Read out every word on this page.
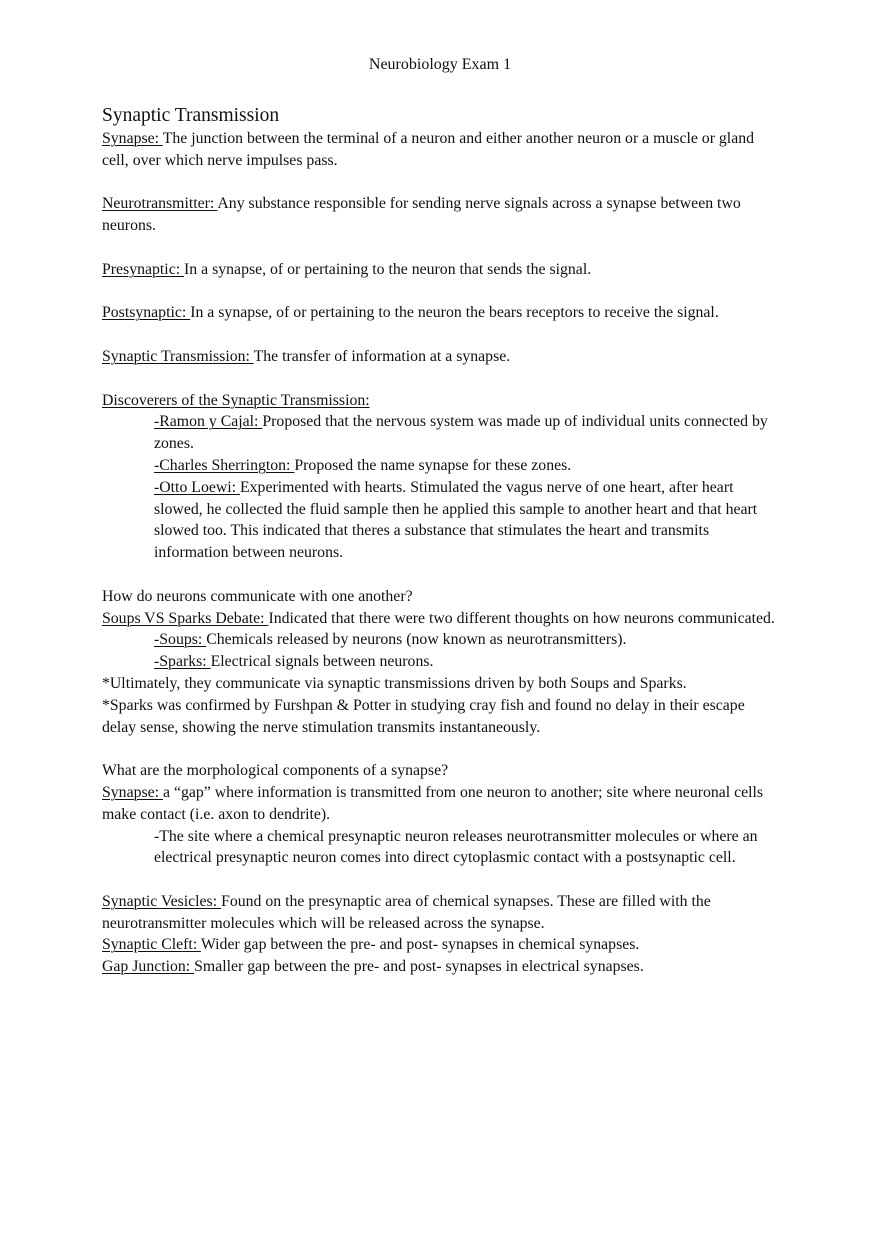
Neurobiology Exam 1

Synaptic Transmission

Synapse: The junction between the terminal of a neuron and either another neuron or a muscle or gland cell, over which nerve impulses pass.

Neurotransmitter: Any substance responsible for sending nerve signals across a synapse between two neurons.

Presynaptic: In a synapse, of or pertaining to the neuron that sends the signal.

Postsynaptic: In a synapse, of or pertaining to the neuron the bears receptors to receive the signal.

Synaptic Transmission: The transfer of information at a synapse.

Discoverers of the Synaptic Transmission:

-Ramon y Cajal: Proposed that the nervous system was made up of individual units connected by zones.

-Charles Sherrington: Proposed the name synapse for these zones.

-Otto Loewi: Experimented with hearts. Stimulated the vagus nerve of one heart, after heart slowed, he collected the fluid sample then he applied this sample to another heart and that heart slowed too. This indicated that theres a substance that stimulates the heart and transmits information between neurons.

How do neurons communicate with one another?

Soups VS Sparks Debate: Indicated that there were two different thoughts on how neurons communicated.

-Soups: Chemicals released by neurons (now known as neurotransmitters).

-Sparks: Electrical signals between neurons.

*Ultimately, they communicate via synaptic transmissions driven by both Soups and Sparks.

*Sparks was confirmed by Furshpan & Potter in studying cray fish and found no delay in their escape delay sense, showing the nerve stimulation transmits instantaneously.

What are the morphological components of a synapse?

Synapse: a “gap” where information is transmitted from one neuron to another; site where neuronal cells make contact (i.e. axon to dendrite).

-The site where a chemical presynaptic neuron releases neurotransmitter molecules or where an electrical presynaptic neuron comes into direct cytoplasmic contact with a postsynaptic cell.

Synaptic Vesicles: Found on the presynaptic area of chemical synapses. These are filled with the neurotransmitter molecules which will be released across the synapse.

Synaptic Cleft: Wider gap between the pre- and post- synapses in chemical synapses.

Gap Junction: Smaller gap between the pre- and post- synapses in electrical synapses.
